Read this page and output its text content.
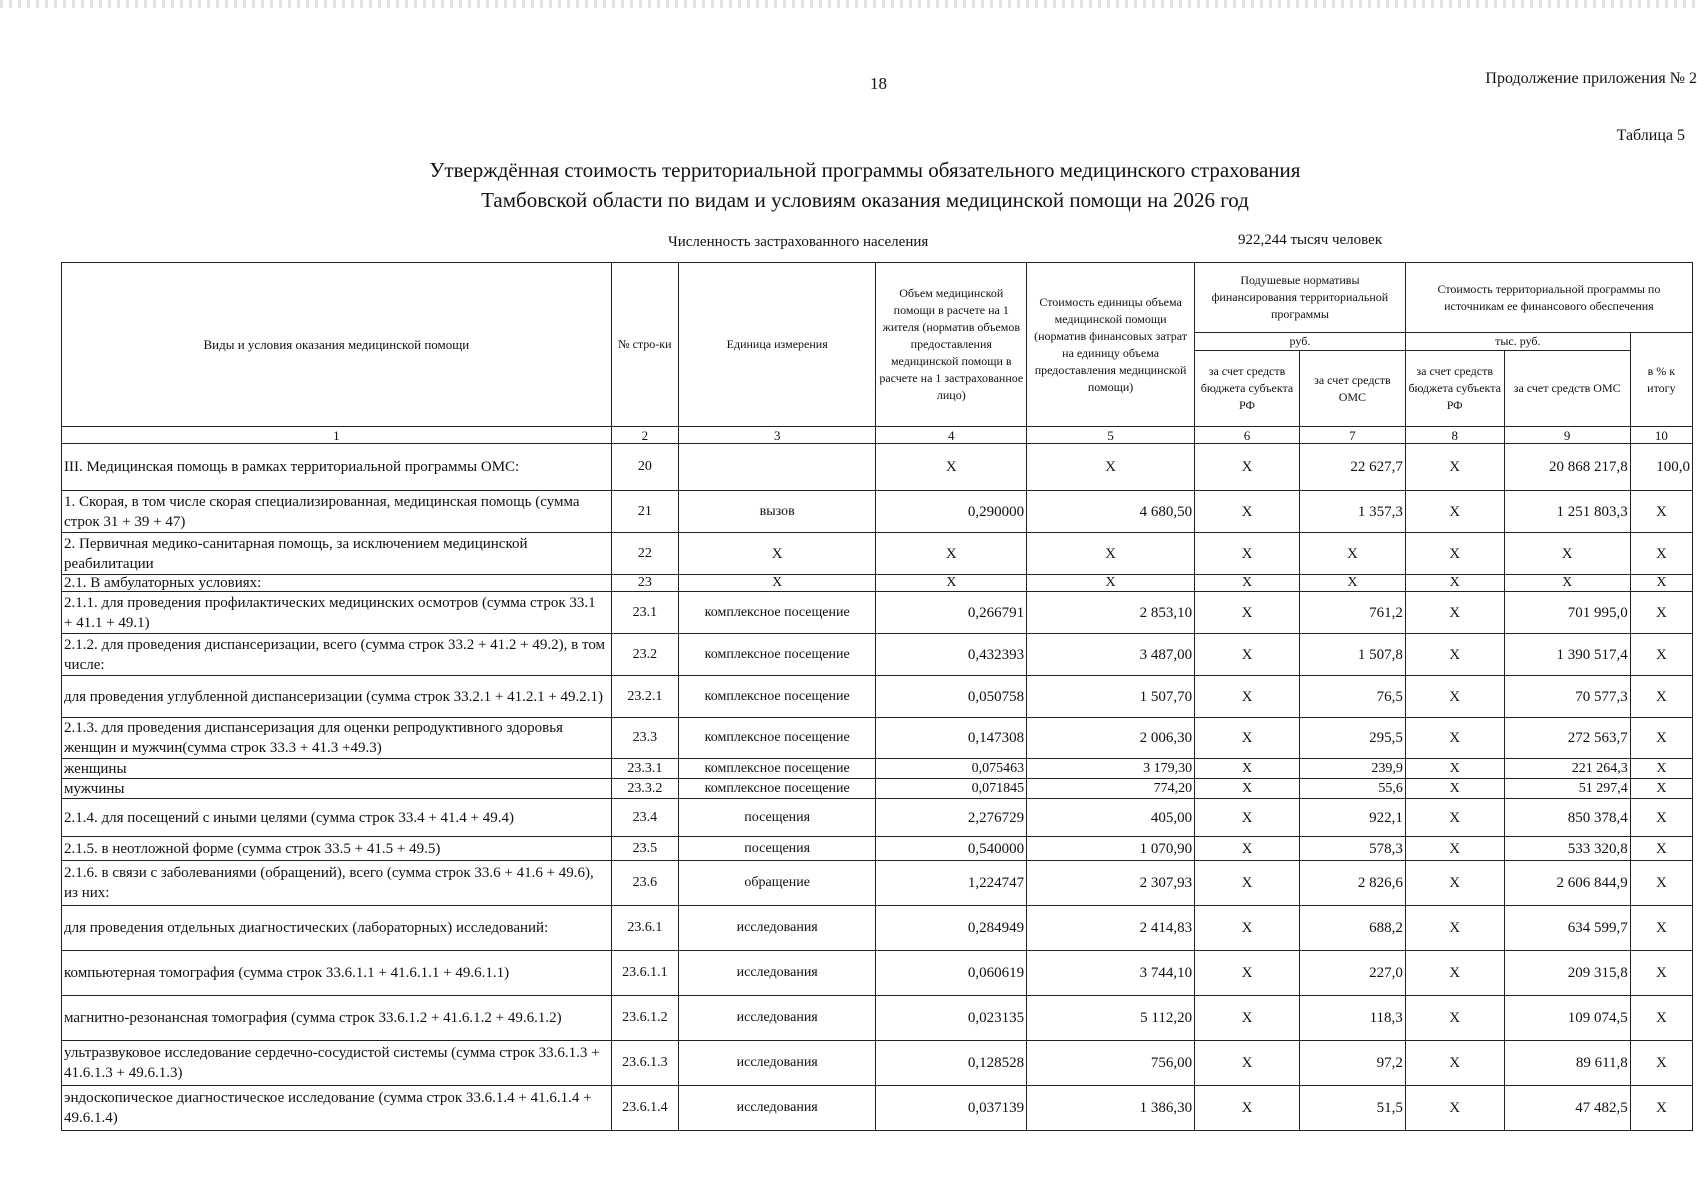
18	Продолжение приложения № 2
Таблица 5
Утверждённая стоимость территориальной программы обязательного медицинского страхования
Тамбовской области по видам и условиям оказания медицинской помощи на 2026 год
Численность застрахованного населения	922,244 тысяч человек
Виды и условия оказания медицинской помощи	№ стро-ки	Единица измерения	Объем медицинской помощи в расчете на 1 жителя (норматив объемов предоставления медицинской помощи в расчете на 1 застрахованное лицо)	Стоимость единицы объема медицинской помощи (норматив финансовых затрат на единицу объема предоставления медицинской помощи)	Подушевые нормативы финансирования территориальной программы		Стоимость территориальной программы по источникам ее финансового обеспечения		
					руб.		тыс. руб.		в % к итогу
					за счет средств бюджета субъекта РФ	за счет средств ОМС	за счет средств бюджета субъекта РФ	за счет средств ОМС	
1	2	3	4	5	6	7	8	9	10
III. Медицинская помощь в рамках территориальной программы ОМС:	20		X	X	X	22 627,7	X	20 868 217,8	100,0
1. Скорая, в том числе скорая специализированная, медицинская помощь (сумма строк 31 + 39 + 47)	21	вызов	0,290000	4 680,50	X	1 357,3	X	1 251 803,3	X
2. Первичная медико-санитарная помощь, за исключением медицинской реабилитации	22	X	X	X	X	X	X	X	X
2.1. В амбулаторных условиях:	23	X	X	X	X	X	X	X	X
2.1.1. для проведения профилактических медицинских осмотров (сумма строк 33.1 + 41.1 + 49.1)	23.1	комплексное посещение	0,266791	2 853,10	X	761,2	X	701 995,0	X
2.1.2. для проведения диспансеризации, всего (сумма строк 33.2 + 41.2 + 49.2), в том числе:	23.2	комплексное посещение	0,432393	3 487,00	X	1 507,8	X	1 390 517,4	X
для проведения углубленной диспансеризации (сумма строк 33.2.1 + 41.2.1 + 49.2.1)	23.2.1	комплексное посещение	0,050758	1 507,70	X	76,5	X	70 577,3	X
2.1.3. для проведения диспансеризация для оценки репродуктивного здоровья женщин и мужчин(сумма строк 33.3 + 41.3 +49.3)	23.3	комплексное посещение	0,147308	2 006,30	X	295,5	X	272 563,7	X
женщины	23.3.1	комплексное посещение	0,075463	3 179,30	X	239,9	X	221 264,3	X
мужчины	23.3.2	комплексное посещение	0,071845	774,20	X	55,6	X	51 297,4	X
2.1.4. для посещений с иными целями (сумма строк 33.4 + 41.4 + 49.4)	23.4	посещения	2,276729	405,00	X	922,1	X	850 378,4	X
2.1.5. в неотложной форме (сумма строк 33.5 + 41.5 + 49.5)	23.5	посещения	0,540000	1 070,90	X	578,3	X	533 320,8	X
2.1.6. в связи с заболеваниями (обращений), всего (сумма строк 33.6 + 41.6 + 49.6), из них:	23.6	обращение	1,224747	2 307,93	X	2 826,6	X	2 606 844,9	X
для проведения отдельных диагностических (лабораторных) исследований:	23.6.1	исследования	0,284949	2 414,83	X	688,2	X	634 599,7	X
компьютерная томография (сумма строк 33.6.1.1 + 41.6.1.1 + 49.6.1.1)	23.6.1.1	исследования	0,060619	3 744,10	X	227,0	X	209 315,8	X
магнитно-резонансная томография (сумма строк 33.6.1.2 + 41.6.1.2 + 49.6.1.2)	23.6.1.2	исследования	0,023135	5 112,20	X	118,3	X	109 074,5	X
ультразвуковое исследование сердечно-сосудистой системы (сумма строк 33.6.1.3 + 41.6.1.3 + 49.6.1.3)	23.6.1.3	исследования	0,128528	756,00	X	97,2	X	89 611,8	X
эндоскопическое диагностическое исследование (сумма строк 33.6.1.4 + 41.6.1.4 + 49.6.1.4)	23.6.1.4	исследования	0,037139	1 386,30	X	51,5	X	47 482,5	X
